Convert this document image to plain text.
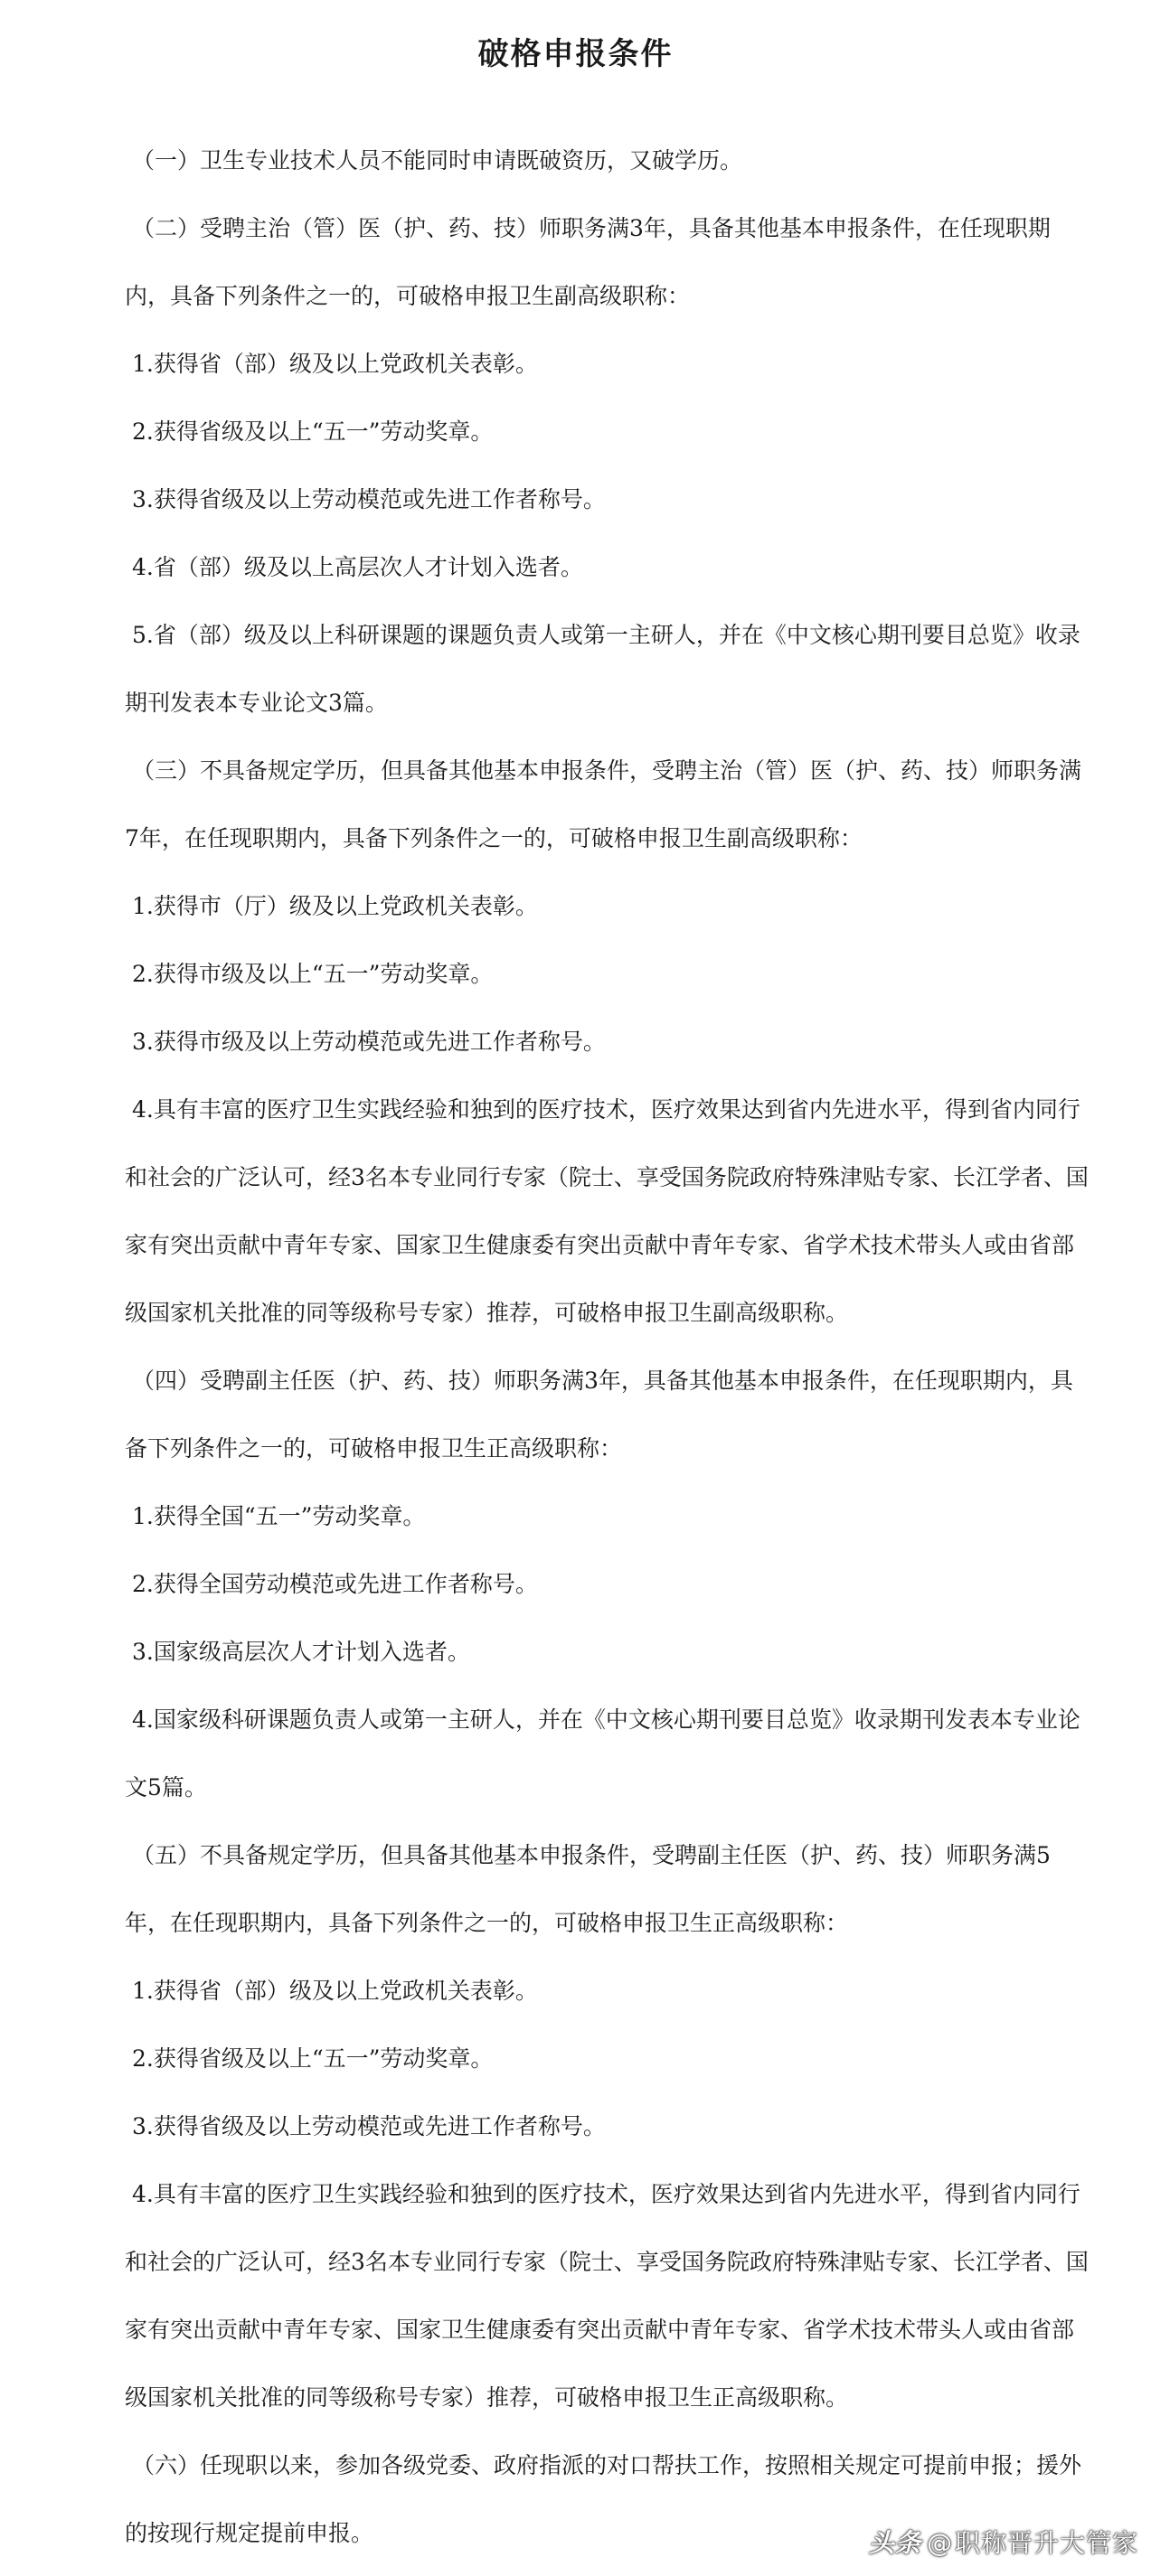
破格申报条件

（一）卫生专业技术人员不能同时申请既破资历，又破学历。

（二）受聘主治（管）医（护、药、技）师职务满3年，具备其他基本申报条件，在任现职期内，具备下列条件之一的，可破格申报卫生副高级职称：

1.获得省（部）级及以上党政机关表彰。

2.获得省级及以上“五一”劳动奖章。

3.获得省级及以上劳动模范或先进工作者称号。

4.省（部）级及以上高层次人才计划入选者。

5.省（部）级及以上科研课题的课题负责人或第一主研人，并在《中文核心期刊要目总览》收录期刊发表本专业论文3篇。

（三）不具备规定学历，但具备其他基本申报条件，受聘主治（管）医（护、药、技）师职务满7年，在任现职期内，具备下列条件之一的，可破格申报卫生副高级职称：

1.获得市（厅）级及以上党政机关表彰。

2.获得市级及以上“五一”劳动奖章。

3.获得市级及以上劳动模范或先进工作者称号。

4.具有丰富的医疗卫生实践经验和独到的医疗技术，医疗效果达到省内先进水平，得到省内同行和社会的广泛认可，经3名本专业同行专家（院士、享受国务院政府特殊津贴专家、长江学者、国家有突出贡献中青年专家、国家卫生健康委有突出贡献中青年专家、省学术技术带头人或由省部级国家机关批准的同等级称号专家）推荐，可破格申报卫生副高级职称。

（四）受聘副主任医（护、药、技）师职务满3年，具备其他基本申报条件，在任现职期内，具备下列条件之一的，可破格申报卫生正高级职称：

1.获得全国“五一”劳动奖章。

2.获得全国劳动模范或先进工作者称号。

3.国家级高层次人才计划入选者。

4.国家级科研课题负责人或第一主研人，并在《中文核心期刊要目总览》收录期刊发表本专业论文5篇。

（五）不具备规定学历，但具备其他基本申报条件，受聘副主任医（护、药、技）师职务满5年，在任现职期内，具备下列条件之一的，可破格申报卫生正高级职称：

1.获得省（部）级及以上党政机关表彰。

2.获得省级及以上“五一”劳动奖章。

3.获得省级及以上劳动模范或先进工作者称号。

4.具有丰富的医疗卫生实践经验和独到的医疗技术，医疗效果达到省内先进水平，得到省内同行和社会的广泛认可，经3名本专业同行专家（院士、享受国务院政府特殊津贴专家、长江学者、国家有突出贡献中青年专家、国家卫生健康委有突出贡献中青年专家、省学术技术带头人或由省部级国家机关批准的同等级称号专家）推荐，可破格申报卫生正高级职称。

（六）任现职以来，参加各级党委、政府指派的对口帮扶工作，按照相关规定可提前申报；援外的按现行规定提前申报。	头条 @职称晋升大管家
